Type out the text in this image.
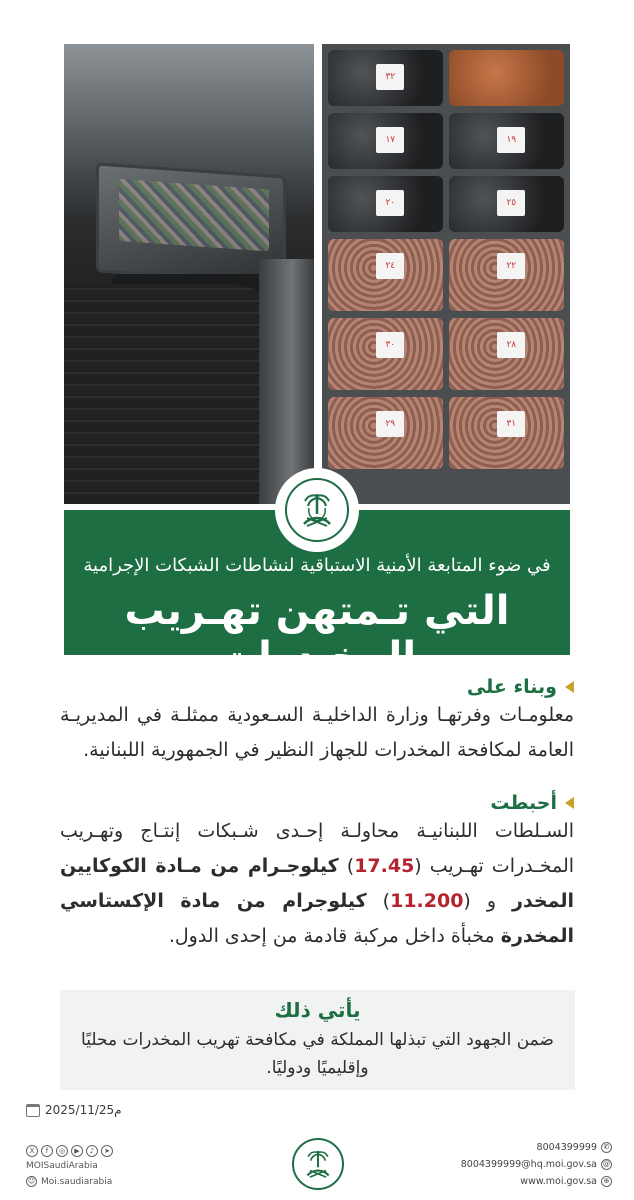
٣٢
١٧	١٩
٢٠	٢٥
٢٤	٢٢
٣٠	٢٨
٢٩	٣١
في ضوء المتابعة الأمنية الاستباقية لنشاطات الشبكات الإجرامية
التي تـمتهن تهـريب المخـدرات
وبناء على
معلومـات وفرتهـا وزارة الداخليـة السـعودية ممثلـة في المديريـة العامة لمكافحة المخدرات للجهاز النظير في الجمهورية اللبنانية.
أحبطت
السـلطات اللبنانيـة محاولـة إحـدى شـبكات إنتـاج وتهـريب المخـدرات تهـريب (17.45) كيلوجـرام من مـادة الكوكايين المخدر و (11.200) كيلوجرام من مادة الإكستاسي المخدرة مخبأة داخل مركبة قادمة من إحدى الدول.
يأتي ذلك
ضمن الجهود التي تبذلها المملكة في مكافحة تهريب المخدرات محليًا وإقليميًا ودوليًا.
2025/11/25م
X	f	◎	▶	♪	➤
MOISaudiArabia
☺ Moi.saudiarabia
8004399999 ✆
8004399999@hq.moi.gov.sa @
www.moi.gov.sa ⊕
